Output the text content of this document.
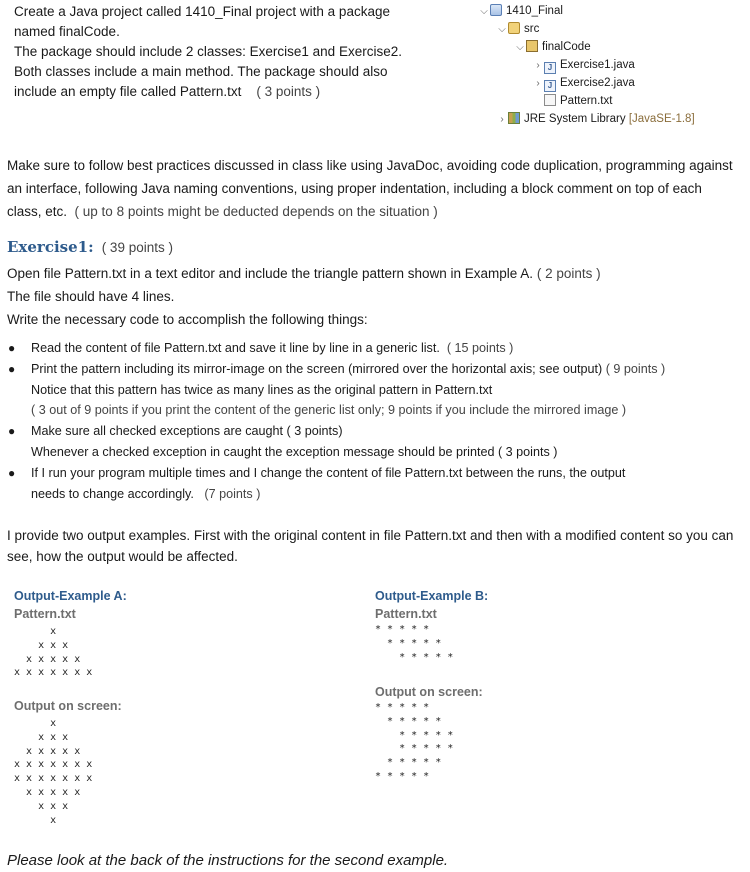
Create a Java project called 1410_Final project with a package
named finalCode.
The package should include 2 classes: Exercise1 and Exercise2.
Both classes include a main method. The package should also
include an empty file called Pattern.txt ( 3 points )
⌵ 1410_Final
⌵ src
⌵ finalCode
› J Exercise1.java
› J Exercise2.java
Pattern.txt
› JRE System Library [JavaSE-1.8]
Make sure to follow best practices discussed in class like using JavaDoc, avoiding code duplication, programming against an interface, following Java naming conventions, using proper indentation, including a block comment on top of each class, etc. ( up to 8 points might be deducted depends on the situation )
Exercise1: ( 39 points )
Open file Pattern.txt in a text editor and include the triangle pattern shown in Example A. ( 2 points )
The file should have 4 lines.
Write the necessary code to accomplish the following things:
● Read the content of file Pattern.txt and save it line by line in a generic list. ( 15 points )
● Print the pattern including its mirror-image on the screen (mirrored over the horizontal axis; see output) ( 9 points )
Notice that this pattern has twice as many lines as the original pattern in Pattern.txt
( 3 out of 9 points if you print the content of the generic list only; 9 points if you include the mirrored image )
● Make sure all checked exceptions are caught ( 3 points)
Whenever a checked exception in caught the exception message should be printed ( 3 points )
● If I run your program multiple times and I change the content of file Pattern.txt between the runs, the output
needs to change accordingly. (7 points )
I provide two output examples. First with the original content in file Pattern.txt and then with a modified content so you can see, how the output would be affected.
Output-Example A:
Pattern.txt
x
x x x
x x x x x
x x x x x x x
Output on screen:
x
x x x
x x x x x
x x x x x x x
x x x x x x x
x x x x x
x x x
x
Output-Example B:
Pattern.txt
* * * * *
* * * * *
* * * * *
Output on screen:
* * * * *
* * * * *
* * * * *
* * * * *
* * * * *
* * * * *
Please look at the back of the instructions for the second example.
